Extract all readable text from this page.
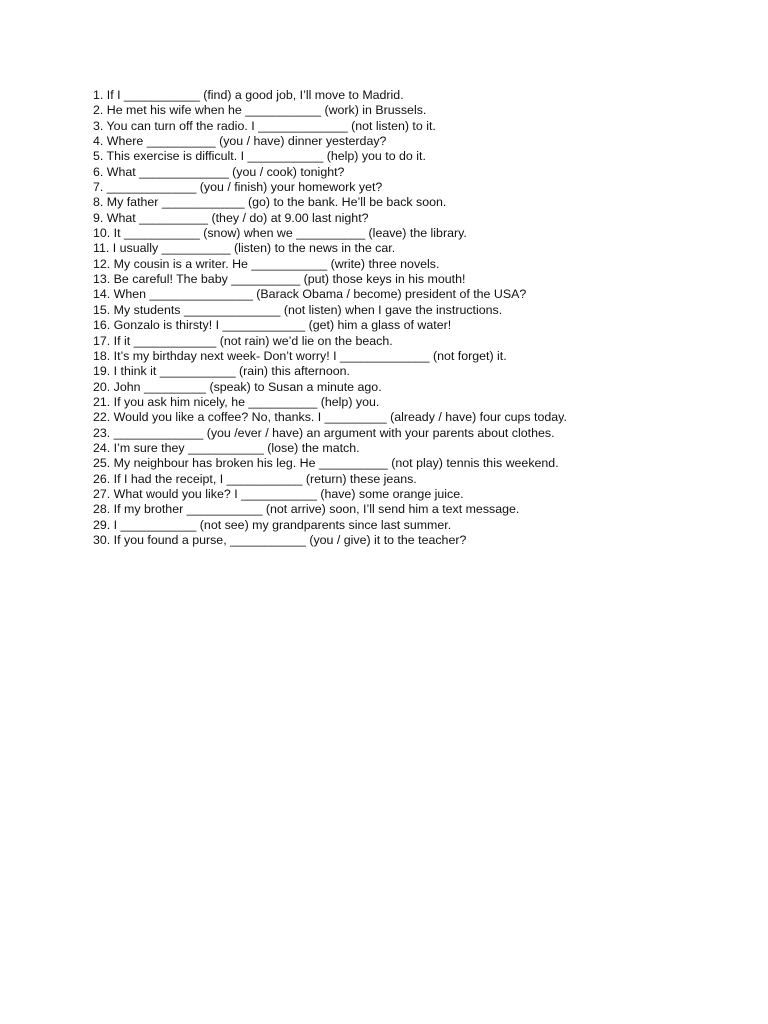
1. If I ___________ (find) a good job, I’ll move to Madrid.
2. He met his wife when he ___________ (work) in Brussels.
3. You can turn off the radio. I _____________ (not listen) to it.
4. Where __________ (you / have) dinner yesterday?
5. This exercise is difficult. I ___________ (help) you to do it.
6. What _____________ (you / cook) tonight?
7. _____________ (you / finish) your homework yet?
8. My father ____________ (go) to the bank. He’ll be back soon.
9. What __________ (they / do) at 9.00 last night?
10. It ___________ (snow) when we __________ (leave) the library.
11. I usually __________ (listen) to the news in the car.
12. My cousin is a writer. He ___________ (write) three novels.
13. Be careful! The baby __________ (put) those keys in his mouth!
14. When _______________ (Barack Obama / become) president of the USA?
15. My students ______________ (not listen) when I gave the instructions.
16. Gonzalo is thirsty! I ____________ (get) him a glass of water!
17. If it ____________ (not rain) we’d lie on the beach.
18. It’s my birthday next week- Don’t worry! I _____________ (not forget) it.
19. I think it ___________ (rain) this afternoon.
20. John _________ (speak) to Susan a minute ago.
21. If you ask him nicely, he __________ (help) you.
22. Would you like a coffee? No, thanks. I _________ (already / have) four cups today.
23. _____________ (you /ever / have) an argument with your parents about clothes.
24. I’m sure they ___________ (lose) the match.
25. My neighbour has broken his leg. He __________ (not play) tennis this weekend.
26. If I had the receipt, I ___________ (return) these jeans.
27. What would you like? I ___________ (have) some orange juice.
28. If my brother ___________ (not arrive) soon, I’ll send him a text message.
29. I ___________ (not see) my grandparents since last summer.
30. If you found a purse, ___________ (you / give) it to the teacher?
